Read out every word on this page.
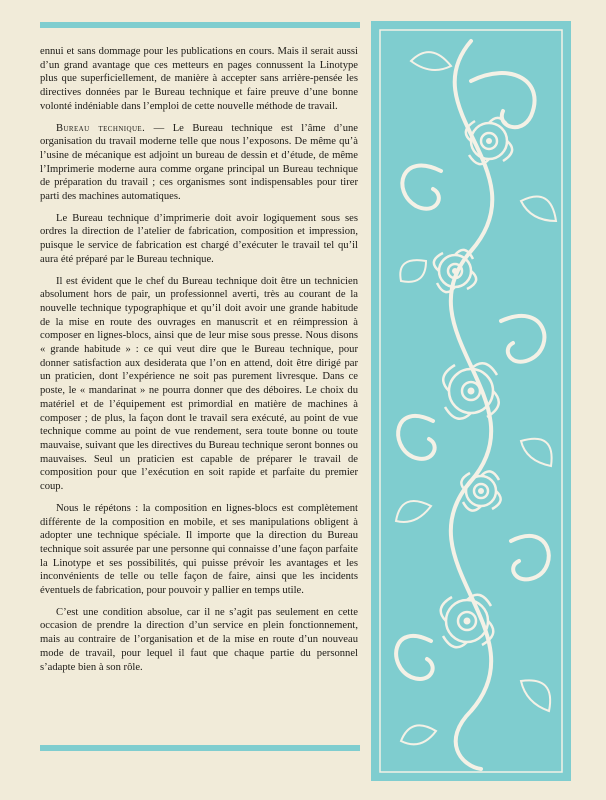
ennui et sans dommage pour les publications en cours. Mais il serait aussi d’un grand avantage que ces metteurs en pages connussent la Linotype plus que superficiellement, de manière à accepter sans arrière-pensée les directives données par le Bureau technique et faire preuve d’une bonne volonté indéniable dans l’emploi de cette nouvelle méthode de travail.

Bureau technique. — Le Bureau technique est l’âme d’une organisation du travail moderne telle que nous l’exposons. De même qu’à l’usine de mécanique est adjoint un bureau de dessin et d’étude, de même l’Imprimerie moderne aura comme organe principal un Bureau technique de préparation du travail ; ces organismes sont indispensables pour tirer parti des machines automatiques.

Le Bureau technique d’imprimerie doit avoir logiquement sous ses ordres la direction de l’atelier de fabrication, composition et impression, puisque le service de fabrication est chargé d’exécuter le travail tel qu’il aura été préparé par le Bureau technique.

Il est évident que le chef du Bureau technique doit être un technicien absolument hors de pair, un professionnel averti, très au courant de la nouvelle technique typographique et qu’il doit avoir une grande habitude de la mise en route des ouvrages en manuscrit et en réimpression à composer en lignes-blocs, ainsi que de leur mise sous presse. Nous disons « grande habitude » : ce qui veut dire que le Bureau technique, pour donner satisfaction aux desiderata que l’on en attend, doit être dirigé par un praticien, dont l’expérience ne soit pas purement livresque. Dans ce poste, le « mandarinat » ne pourra donner que des déboires. Le choix du matériel et de l’équipement est primordial en matière de machines à composer ; de plus, la façon dont le travail sera exécuté, au point de vue technique comme au point de vue rendement, sera toute bonne ou toute mauvaise, suivant que les directives du Bureau technique seront bonnes ou mauvaises. Seul un praticien est capable de préparer le travail de composition pour que l’exécution en soit rapide et parfaite du premier coup.

Nous le répétons : la composition en lignes-blocs est complètement différente de la composition en mobile, et ses manipulations obligent à adopter une technique spéciale. Il importe que la direction du Bureau technique soit assurée par une personne qui connaisse d’une façon parfaite la Linotype et ses possibilités, qui puisse prévoir les avantages et les inconvénients de telle ou telle façon de faire, ainsi que les incidents éventuels de fabrication, pour pouvoir y pallier en temps utile.

C’est une condition absolue, car il ne s’agit pas seulement en cette occasion de prendre la direction d’un service en plein fonctionnement, mais au contraire de l’organisation et de la mise en route d’un nouveau mode de travail, pour lequel il faut que chaque partie du personnel s’adapte bien à son rôle.
